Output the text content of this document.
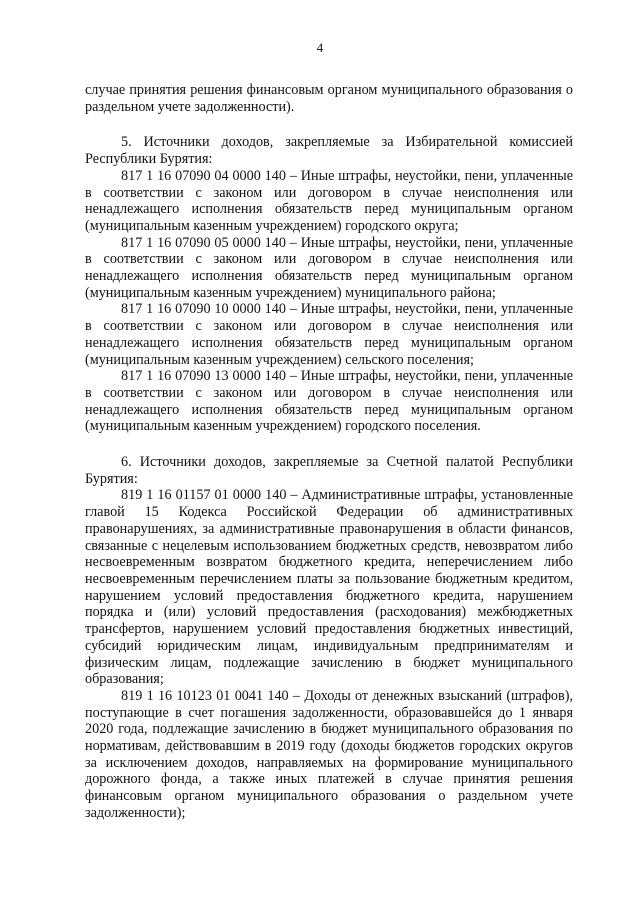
4

случае принятия решения финансовым органом муниципального образования о раздельном учете задолженности).

5. Источники доходов, закрепляемые за Избирательной комиссией Республики Бурятия:

817 1 16 07090 04 0000 140 – Иные штрафы, неустойки, пени, уплаченные в соответствии с законом или договором в случае неисполнения или ненадлежащего исполнения обязательств перед муниципальным органом (муниципальным казенным учреждением) городского округа;

817 1 16 07090 05 0000 140 – Иные штрафы, неустойки, пени, уплаченные в соответствии с законом или договором в случае неисполнения или ненадлежащего исполнения обязательств перед муниципальным органом (муниципальным казенным учреждением) муниципального района;

817 1 16 07090 10 0000 140 – Иные штрафы, неустойки, пени, уплаченные в соответствии с законом или договором в случае неисполнения или ненадлежащего исполнения обязательств перед муниципальным органом (муниципальным казенным учреждением) сельского поселения;

817 1 16 07090 13 0000 140 – Иные штрафы, неустойки, пени, уплаченные в соответствии с законом или договором в случае неисполнения или ненадлежащего исполнения обязательств перед муниципальным органом (муниципальным казенным учреждением) городского поселения.

6. Источники доходов, закрепляемые за Счетной палатой Республики Бурятия:

819 1 16 01157 01 0000 140 – Административные штрафы, установленные главой 15 Кодекса Российской Федерации об административных правонарушениях, за административные правонарушения в области финансов, связанные с нецелевым использованием бюджетных средств, невозвратом либо несвоевременным возвратом бюджетного кредита, неперечислением либо несвоевременным перечислением платы за пользование бюджетным кредитом, нарушением условий предоставления бюджетного кредита, нарушением порядка и (или) условий предоставления (расходования) межбюджетных трансфертов, нарушением условий предоставления бюджетных инвестиций, субсидий юридическим лицам, индивидуальным предпринимателям и физическим лицам, подлежащие зачислению в бюджет муниципального образования;

819 1 16 10123 01 0041 140 – Доходы от денежных взысканий (штрафов), поступающие в счет погашения задолженности, образовавшейся до 1 января 2020 года, подлежащие зачислению в бюджет муниципального образования по нормативам, действовавшим в 2019 году (доходы бюджетов городских округов за исключением доходов, направляемых на формирование муниципального дорожного фонда, а также иных платежей в случае принятия решения финансовым органом муниципального образования о раздельном учете задолженности);
